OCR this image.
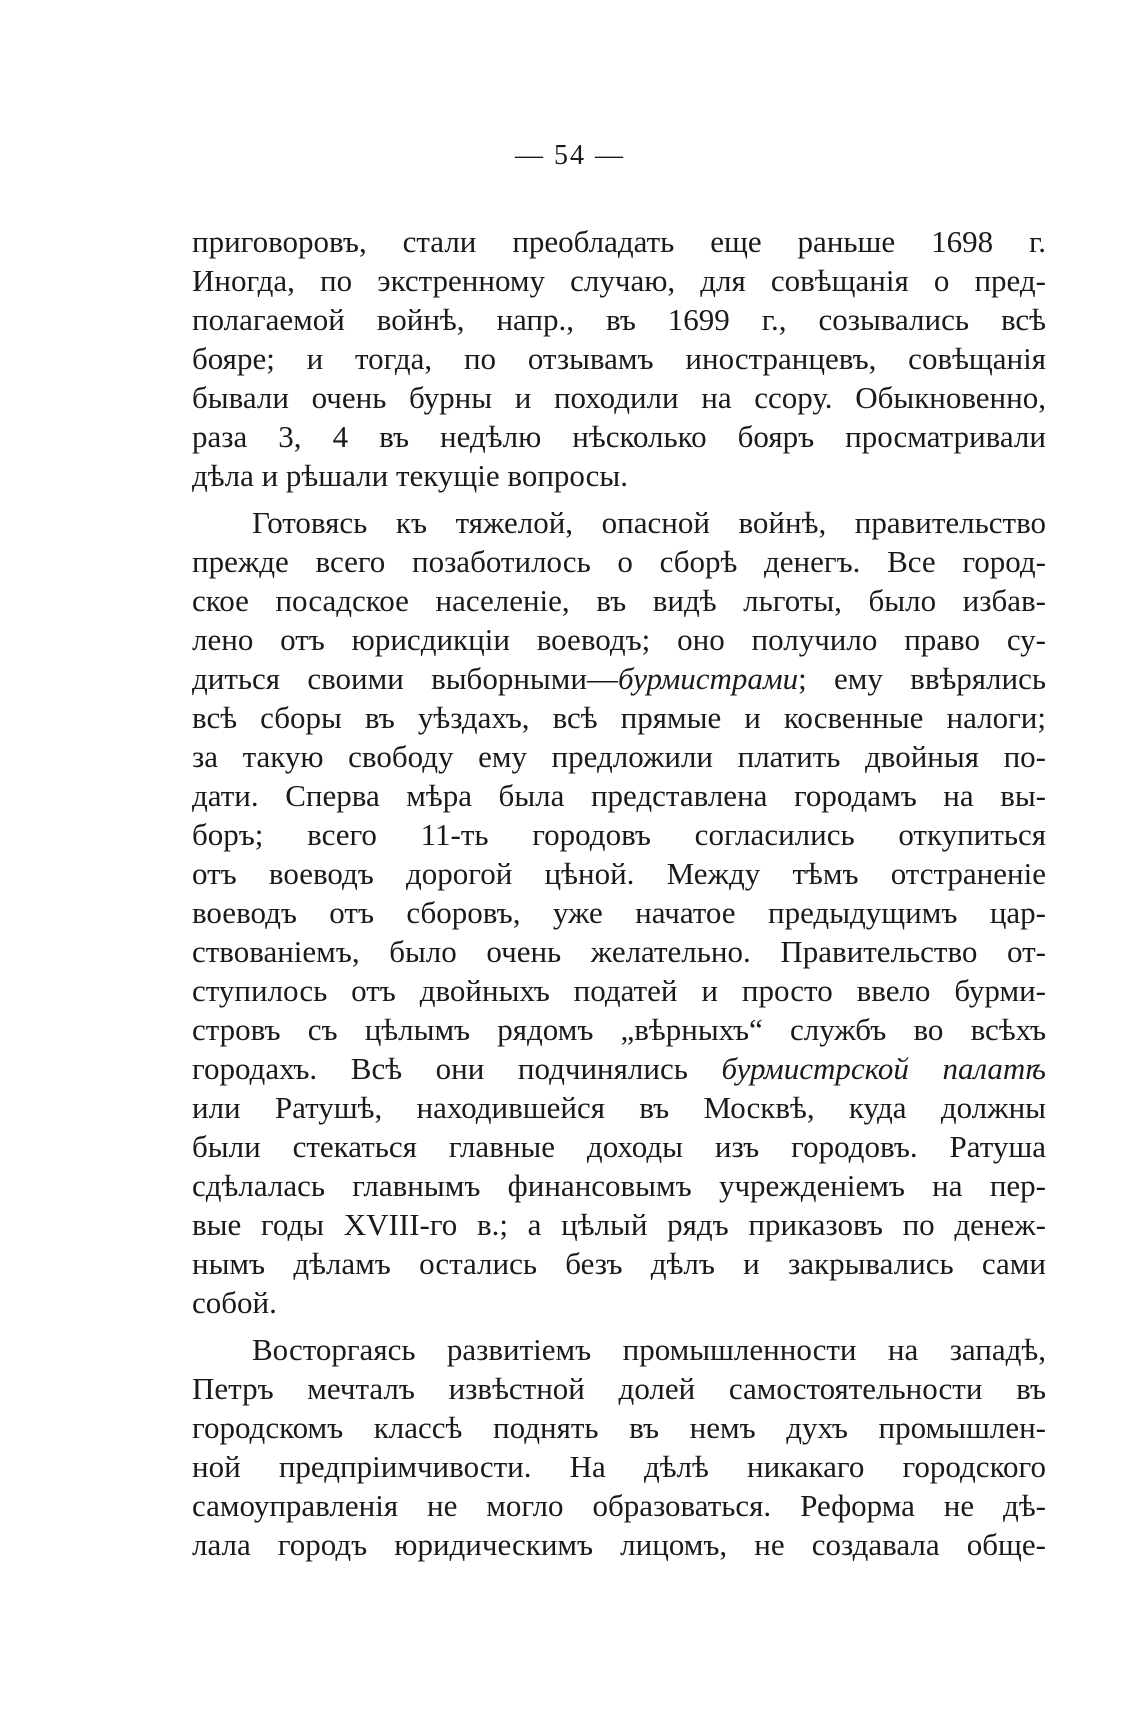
— 54 —
приговоровъ, стали преобладать еще раньше 1698 г.
Иногда, по экстренному случаю, для совѣщанія о пред-
полагаемой войнѣ, напр., въ 1699 г., созывались всѣ
бояре; и тогда, по отзывамъ иностранцевъ, совѣщанія
бывали очень бурны и походили на ссору. Обыкновенно,
раза 3, 4 въ недѣлю нѣсколько бояръ просматривали
дѣла и рѣшали текущіе вопросы.
Готовясь къ тяжелой, опасной войнѣ, правительство
прежде всего позаботилось о сборѣ денегъ. Все город-
ское посадское населеніе, въ видѣ льготы, было избав-
лено отъ юрисдикціи воеводъ; оно получило право су-
диться своими выборными—бурмистрами; ему ввѣрялись
всѣ сборы въ уѣздахъ, всѣ прямые и косвенные налоги;
за такую свободу ему предложили платить двойныя по-
дати. Сперва мѣра была представлена городамъ на вы-
боръ; всего 11-ть городовъ согласились откупиться
отъ воеводъ дорогой цѣной. Между тѣмъ отстраненіе
воеводъ отъ сборовъ, уже начатое предыдущимъ цар-
ствованіемъ, было очень желательно. Правительство от-
ступилось отъ двойныхъ податей и просто ввело бурми-
стровъ съ цѣлымъ рядомъ „вѣрныхъ“ службъ во всѣхъ
городахъ. Всѣ они подчинялись бурмистрской палатѣ
или Ратушѣ, находившейся въ Москвѣ, куда должны
были стекаться главные доходы изъ городовъ. Ратуша
сдѣлалась главнымъ финансовымъ учрежденіемъ на пер-
вые годы XVIII-го в.; а цѣлый рядъ приказовъ по денеж-
нымъ дѣламъ остались безъ дѣлъ и закрывались сами
собой.
Восторгаясь развитіемъ промышленности на западѣ,
Петръ мечталъ извѣстной долей самостоятельности въ
городскомъ классѣ поднять въ немъ духъ промышлен-
ной предпріимчивости. На дѣлѣ никакаго городского
самоуправленія не могло образоваться. Реформа не дѣ-
лала городъ юридическимъ лицомъ, не создавала обще-
